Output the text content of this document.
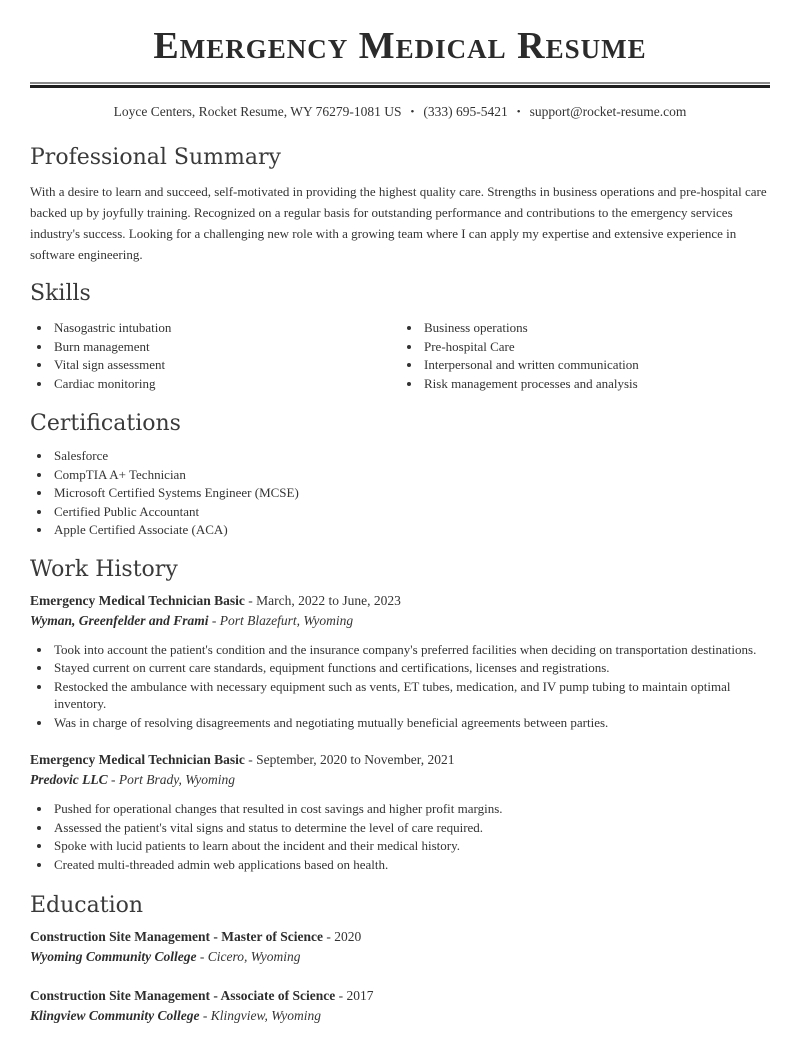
Emergency Medical Resume
Loyce Centers, Rocket Resume, WY 76279-1081 US • (333) 695-5421 • support@rocket-resume.com
Professional Summary

With a desire to learn and succeed, self-motivated in providing the highest quality care. Strengths in business operations and pre-hospital care backed up by joyfully training. Recognized on a regular basis for outstanding performance and contributions to the emergency services industry's success. Looking for a challenging new role with a growing team where I can apply my expertise and extensive experience in software engineering.

Skills
• Nasogastric intubation
• Burn management
• Vital sign assessment
• Cardiac monitoring
• Business operations
• Pre-hospital Care
• Interpersonal and written communication
• Risk management processes and analysis
Certifications
• Salesforce
• CompTIA A+ Technician
• Microsoft Certified Systems Engineer (MCSE)
• Certified Public Accountant
• Apple Certified Associate (ACA)
Work History

Emergency Medical Technician Basic - March, 2022 to June, 2023

Wyman, Greenfelder and Frami - Port Blazefurt, Wyoming

• Took into account the patient's condition and the insurance company's preferred facilities when deciding on transportation destinations.
• Stayed current on current care standards, equipment functions and certifications, licenses and registrations.
• Restocked the ambulance with necessary equipment such as vents, ET tubes, medication, and IV pump tubing to maintain optimal inventory.
• Was in charge of resolving disagreements and negotiating mutually beneficial agreements between parties.

Emergency Medical Technician Basic - September, 2020 to November, 2021

Predovic LLC - Port Brady, Wyoming

• Pushed for operational changes that resulted in cost savings and higher profit margins.
• Assessed the patient's vital signs and status to determine the level of care required.
• Spoke with lucid patients to learn about the incident and their medical history.
• Created multi-threaded admin web applications based on health.
Education

Construction Site Management - Master of Science - 2020

Wyoming Community College - Cicero, Wyoming

Construction Site Management - Associate of Science - 2017

Klingview Community College - Klingview, Wyoming
